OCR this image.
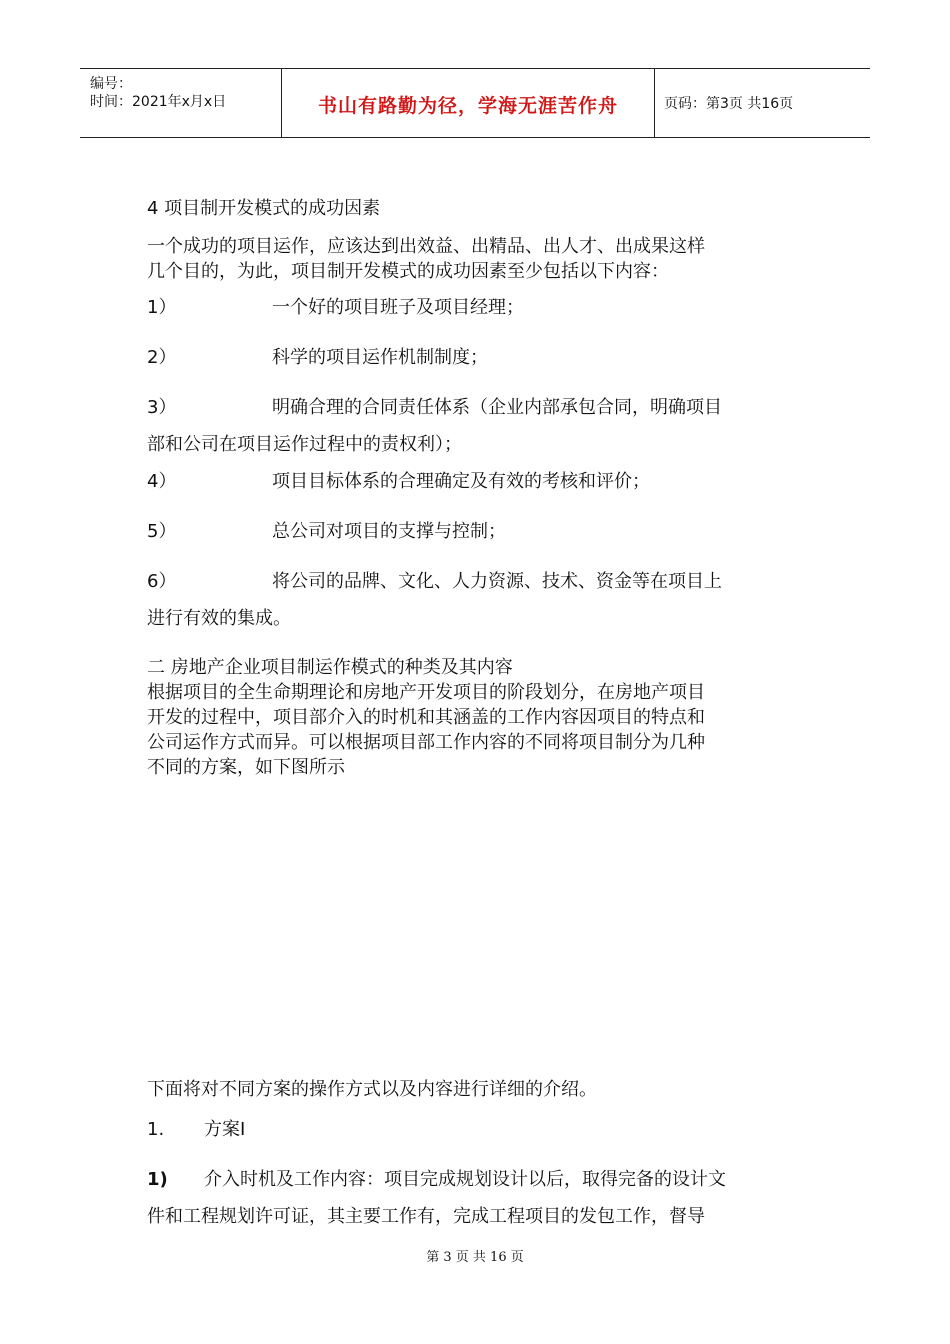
编号：
时间：2021年x月x日	书山有路勤为径，学海无涯苦作舟	页码：第3页 共16页
4 项目制开发模式的成功因素
一个成功的项目运作，应该达到出效益、出精品、出人才、出成果这样
几个目的，为此，项目制开发模式的成功因素至少包括以下内容：
1）	一个好的项目班子及项目经理；
2）	科学的项目运作机制制度；
3）	明确合理的合同责任体系（企业内部承包合同，明确项目
部和公司在项目运作过程中的责权利）；
4）	项目目标体系的合理确定及有效的考核和评价；
5）	总公司对项目的支撑与控制；
6）	将公司的品牌、文化、人力资源、技术、资金等在项目上
进行有效的集成。
二 房地产企业项目制运作模式的种类及其内容
根据项目的全生命期理论和房地产开发项目的阶段划分，在房地产项目
开发的过程中，项目部介入的时机和其涵盖的工作内容因项目的特点和
公司运作方式而异。可以根据项目部工作内容的不同将项目制分为几种
不同的方案，如下图所示
下面将对不同方案的操作方式以及内容进行详细的介绍。
1. 方案Ⅰ
1) 介入时机及工作内容：项目完成规划设计以后，取得完备的设计文
件和工程规划许可证，其主要工作有，完成工程项目的发包工作，督导
第 3 页 共 16 页
